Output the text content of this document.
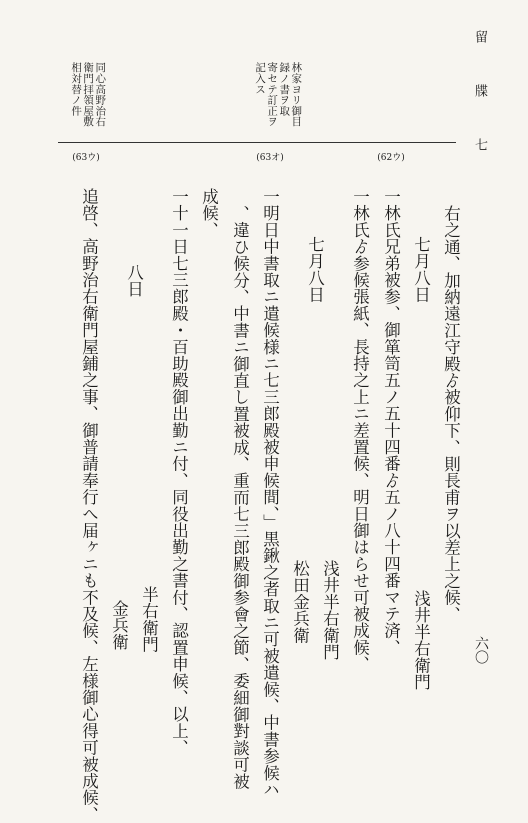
留　牒　七
六〇
林家ヨリ御目
録ノ書ヲ取
寄セテ訂正ヲ
記入ス
同心高野治右
衛門拝領屋敷
相対替ノ件
(62ウ)
(63オ)
(63ウ)
右之通、加納遠江守殿ゟ被仰下、則長甫ヲ以差上之候、
七月八日
浅井半右衛門
一林氏兄弟被参、御箪笥五ノ五十四番ゟ五ノ八十四番マテ済、
一林氏ゟ参候張紙、長持之上ニ差置候、明日御はらせ可被成候、
浅井半右衛門
松田金兵衛
七月八日
一明日中書取ニ遣候様ニ七三郎殿被申候間、」黒鍬之者取ニ可被遣候、中書参候ハ
、違ひ候分、中書ニ御直し置被成、重而七三郎殿御参會之節、委細御對談可被
成候、
一十一日七三郎殿・百助殿御出勤ニ付、同役出勤之書付、認置申候、以上、
半右衛門
金兵衛
八日
追啓、高野治右衛門屋鋪之事、御普請奉行へ届ヶニも不及候、左様御心得可被成候、
